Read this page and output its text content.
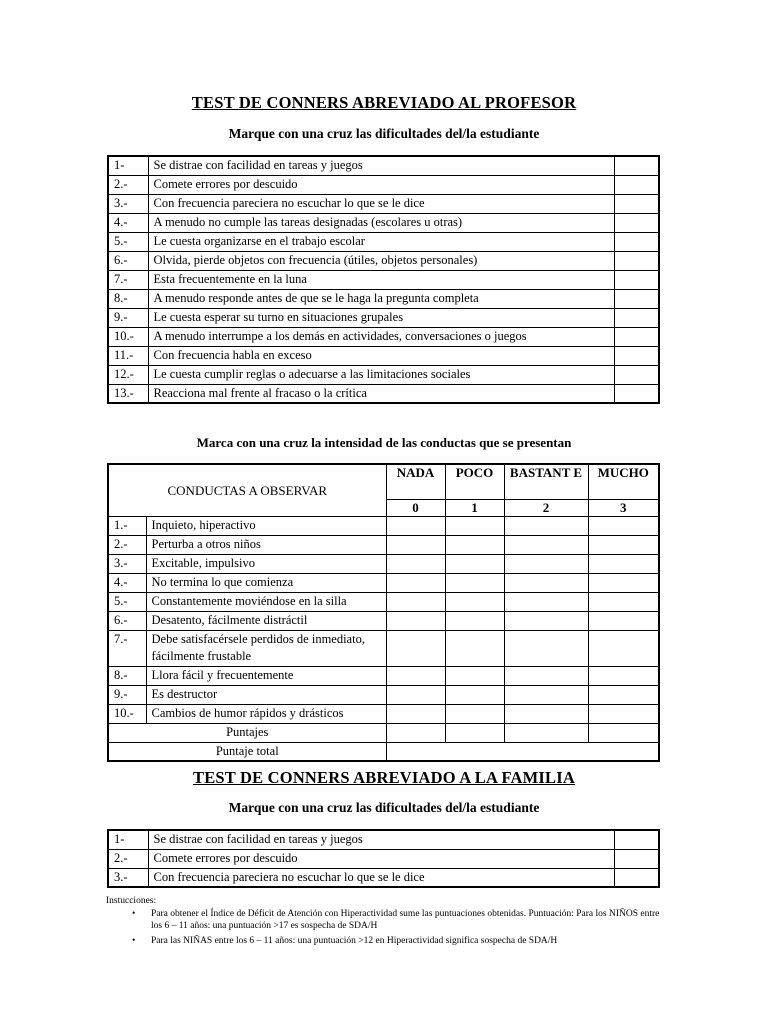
TEST DE CONNERS ABREVIADO AL PROFESOR
Marque con una cruz las dificultades del/la estudiante
1-	Se distrae con facilidad en tareas y juegos	
2.-	Comete errores por descuido	
3.-	Con frecuencia pareciera no escuchar lo que se le dice	
4.-	A menudo no cumple las tareas designadas (escolares u otras)	
5.-	Le cuesta organizarse en el trabajo escolar	
6.-	Olvida, pierde objetos con frecuencia (útiles, objetos personales)	
7.-	Esta frecuentemente en la luna	
8.-	A menudo responde antes de que se le haga la pregunta completa	
9.-	Le cuesta esperar su turno en situaciones grupales	
10.-	A menudo interrumpe a los demás en actividades, conversaciones o juegos	
11.-	Con frecuencia habla en exceso	
12.-	Le cuesta cumplir reglas o adecuarse a las limitaciones sociales	
13.-	Reacciona mal frente al fracaso o la crítica	
Marca con una cruz la intensidad de las conductas que se presentan
CONDUCTAS A OBSERVAR		NADA	POCO	BASTANT E	MUCHO
		0	1	2	3
1.-	Inquieto, hiperactivo				
2.-	Perturba a otros niños				
3.-	Excitable, impulsivo				
4.-	No termina lo que comienza				
5.-	Constantemente moviéndose en la silla				
6.-	Desatento, fácilmente distráctil				
7.-	Debe satisfacérsele perdidos de inmediato, fácilmente frustable				
8.-	Llora fácil y frecuentemente				
9.-	Es destructor				
10.-	Cambios de humor rápidos y drásticos				
Puntajes					
Puntaje total					
TEST DE CONNERS ABREVIADO A LA FAMILIA
Marque con una cruz las dificultades del/la estudiante
1-	Se distrae con facilidad en tareas y juegos	
2.-	Comete errores por descuido	
3.-	Con frecuencia pareciera no escuchar lo que se le dice	
Instucciones:
• Para obtener el Índice de Déficit de Atención con Hiperactividad sume las puntuaciones obtenidas. Puntuación: Para los NIÑOS entre los 6 – 11 años: una puntuación >17 es sospecha de SDA/H
• Para las NIÑAS entre los 6 – 11 años: una puntuación >12 en Hiperactividad significa sospecha de SDA/H
